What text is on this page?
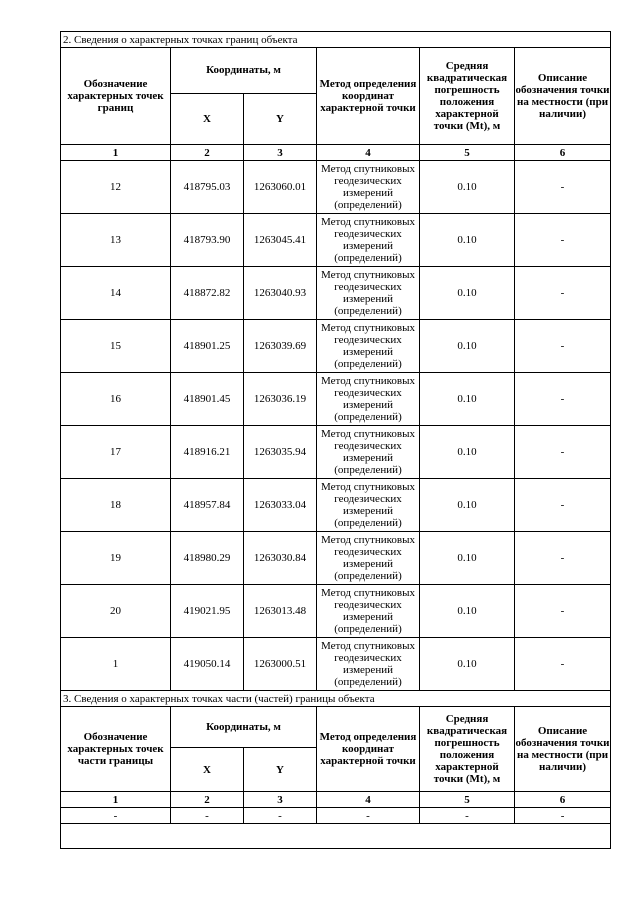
2. Сведения о характерных точках границ объекта					
Обозначение характерных точек границ	Координаты, м		Метод определения координат характерной точки	Средняя квадратическая погрешность положения характерной точки (Mt), м	Описание обозначения точки на местности (при наличии)
	X	Y			
1	2	3	4	5	6
12	418795.03	1263060.01	Метод спутниковых геодезических измерений (определений)	0.10	-
13	418793.90	1263045.41	Метод спутниковых геодезических измерений (определений)	0.10	-
14	418872.82	1263040.93	Метод спутниковых геодезических измерений (определений)	0.10	-
15	418901.25	1263039.69	Метод спутниковых геодезических измерений (определений)	0.10	-
16	418901.45	1263036.19	Метод спутниковых геодезических измерений (определений)	0.10	-
17	418916.21	1263035.94	Метод спутниковых геодезических измерений (определений)	0.10	-
18	418957.84	1263033.04	Метод спутниковых геодезических измерений (определений)	0.10	-
19	418980.29	1263030.84	Метод спутниковых геодезических измерений (определений)	0.10	-
20	419021.95	1263013.48	Метод спутниковых геодезических измерений (определений)	0.10	-
1	419050.14	1263000.51	Метод спутниковых геодезических измерений (определений)	0.10	-
3. Сведения о характерных точках части (частей) границы объекта					
Обозначение характерных точек части границы	Координаты, м		Метод определения координат характерной точки	Средняя квадратическая погрешность положения характерной точки (Mt), м	Описание обозначения точки на местности (при наличии)
	X	Y			
1	2	3	4	5	6
-	-	-	-	-	-
